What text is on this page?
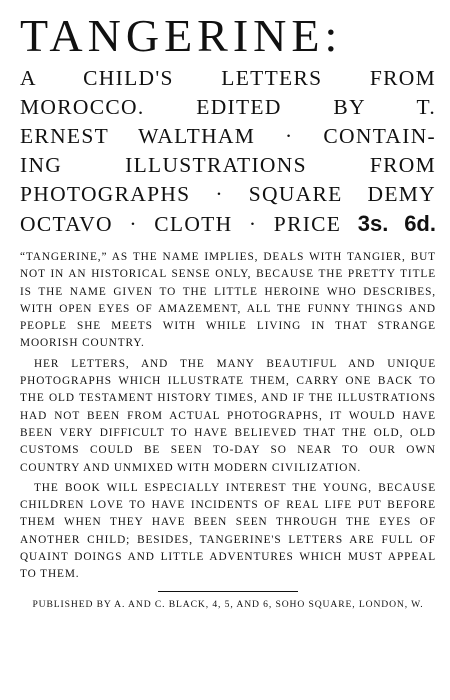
TANGERINE:
A CHILD'S LETTERS FROM
MOROCCO. EDITED BY T.
ERNEST WALTHAM · CONTAIN-
ING ILLUSTRATIONS FROM
PHOTOGRAPHS · SQUARE DEMY
OCTAVO · CLOTH · PRICE 3s. 6d.

“TANGERINE,” AS THE NAME IMPLIES, DEALS WITH TANGIER, BUT NOT IN AN HISTORICAL SENSE ONLY, BECAUSE THE PRETTY TITLE IS THE NAME GIVEN TO THE LITTLE HEROINE WHO DESCRIBES, WITH OPEN EYES OF AMAZEMENT, ALL THE FUNNY THINGS AND PEOPLE SHE MEETS WITH WHILE LIVING IN THAT STRANGE MOORISH COUNTRY.

HER LETTERS, AND THE MANY BEAUTIFUL AND UNIQUE PHOTOGRAPHS WHICH ILLUSTRATE THEM, CARRY ONE BACK TO THE OLD TESTAMENT HISTORY TIMES, AND IF THE ILLUSTRATIONS HAD NOT BEEN FROM ACTUAL PHOTOGRAPHS, IT WOULD HAVE BEEN VERY DIFFICULT TO HAVE BELIEVED THAT THE OLD, OLD CUSTOMS COULD BE SEEN TO-DAY SO NEAR TO OUR OWN COUNTRY AND UNMIXED WITH MODERN CIVILIZATION.

THE BOOK WILL ESPECIALLY INTEREST THE YOUNG, BECAUSE CHILDREN LOVE TO HAVE INCIDENTS OF REAL LIFE PUT BEFORE THEM WHEN THEY HAVE BEEN SEEN THROUGH THE EYES OF ANOTHER CHILD; BESIDES, TANGERINE'S LETTERS ARE FULL OF QUAINT DOINGS AND LITTLE ADVENTURES WHICH MUST APPEAL TO THEM.

PUBLISHED BY A. AND C. BLACK, 4, 5, AND 6, SOHO SQUARE, LONDON, W.
